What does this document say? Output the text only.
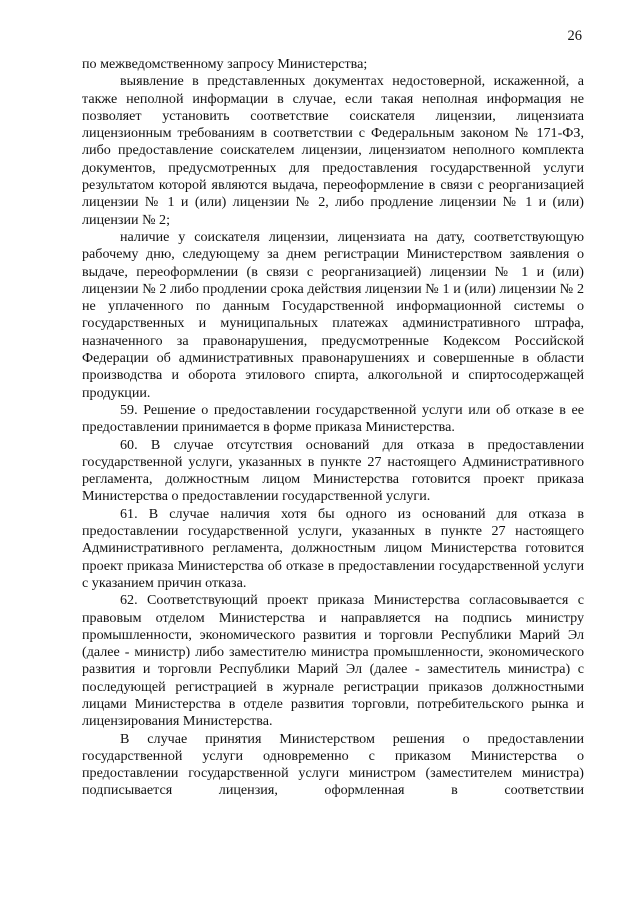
26

по межведомственному запросу Министерства;

выявление в представленных документах недостоверной, искаженной, а также неполной информации в случае, если такая неполная информация не позволяет установить соответствие соискателя лицензии, лицензиата лицензионным требованиям в соответствии с Федеральным законом № 171-ФЗ, либо предоставление соискателем лицензии, лицензиатом неполного комплекта документов, предусмотренных для предоставления государственной услуги результатом которой являются выдача, переоформление в связи с реорганизацией лицензии № 1 и (или) лицензии № 2, либо продление лицензии № 1 и (или) лицензии № 2;

наличие у соискателя лицензии, лицензиата на дату, соответствующую рабочему дню, следующему за днем регистрации Министерством заявления о выдаче, переоформлении (в связи с реорганизацией) лицензии № 1 и (или) лицензии № 2 либо продлении срока действия лицензии № 1 и (или) лицензии № 2 не уплаченного по данным Государственной информационной системы о государственных и муниципальных платежах административного штрафа, назначенного за правонарушения, предусмотренные Кодексом Российской Федерации об административных правонарушениях и совершенные в области производства и оборота этилового спирта, алкогольной и спиртосодержащей продукции.

59. Решение о предоставлении государственной услуги или об отказе в ее предоставлении принимается в форме приказа Министерства.

60. В случае отсутствия оснований для отказа в предоставлении государственной услуги, указанных в пункте 27 настоящего Административного регламента, должностным лицом Министерства готовится проект приказа Министерства о предоставлении государственной услуги.

61. В случае наличия хотя бы одного из оснований для отказа в предоставлении государственной услуги, указанных в пункте 27 настоящего Административного регламента, должностным лицом Министерства готовится проект приказа Министерства об отказе в предоставлении государственной услуги с указанием причин отказа.

62. Соответствующий проект приказа Министерства согласовывается с правовым отделом Министерства и направляется на подпись министру промышленности, экономического развития и торговли Республики Марий Эл (далее - министр) либо заместителю министра промышленности, экономического развития и торговли Республики Марий Эл (далее - заместитель министра) с последующей регистрацией в журнале регистрации приказов должностными лицами Министерства в отделе развития торговли, потребительского рынка и лицензирования Министерства.

В случае принятия Министерством решения о предоставлении государственной услуги одновременно с приказом Министерства о предоставлении государственной услуги министром (заместителем министра) подписывается лицензия, оформленная в соответствии
